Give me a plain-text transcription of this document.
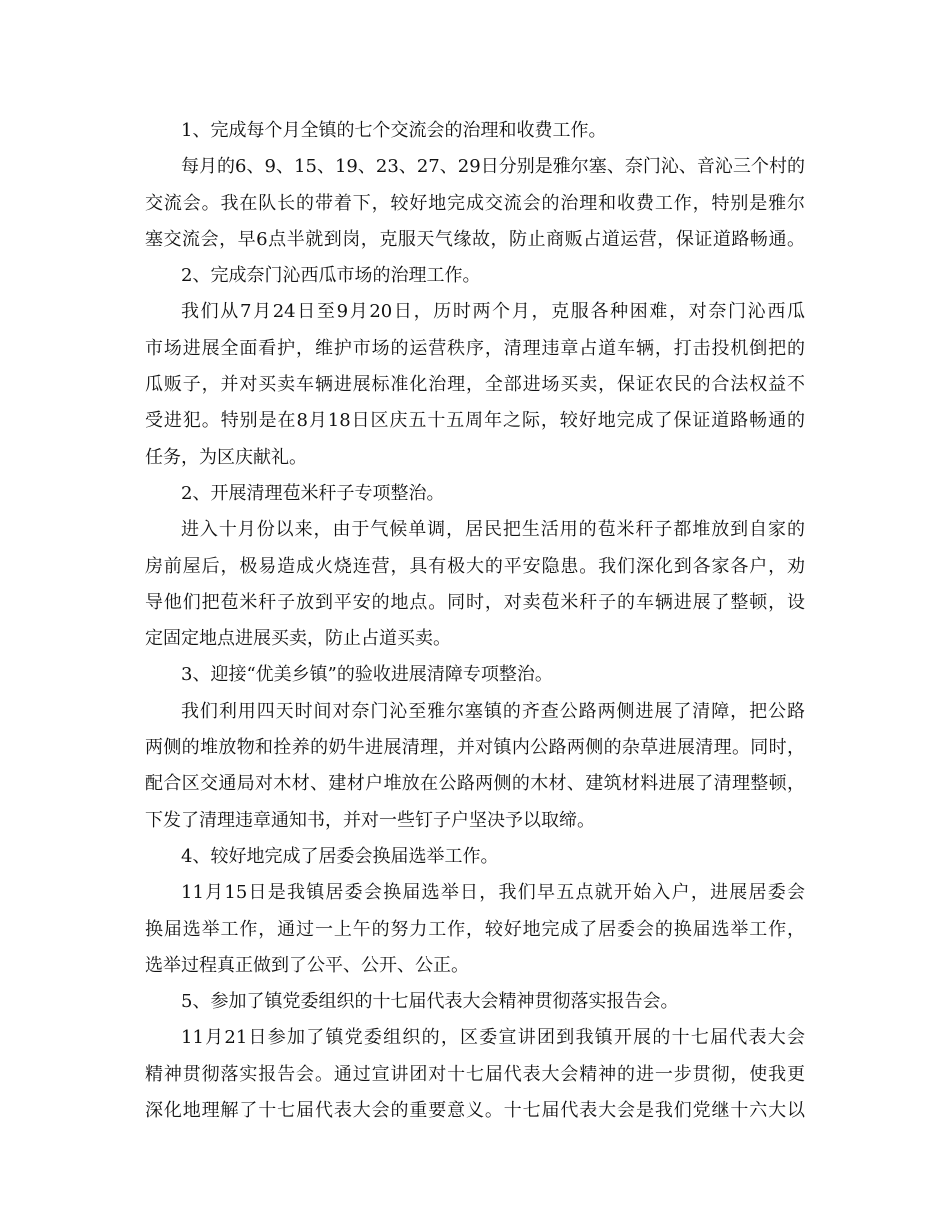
1、完成每个月全镇的七个交流会的治理和收费工作。
每月的6、9、15、19、23、27、29日分别是雅尔塞、奈门沁、音沁三个村的
交流会。我在队长的带着下，较好地完成交流会的治理和收费工作，特别是雅尔
塞交流会，早6点半就到岗，克服天气缘故，防止商贩占道运营，保证道路畅通。
2、完成奈门沁西瓜市场的治理工作。
我们从7月24日至9月20日，历时两个月，克服各种困难，对奈门沁西瓜
市场进展全面看护，维护市场的运营秩序，清理违章占道车辆，打击投机倒把的
瓜贩子，并对买卖车辆进展标准化治理，全部进场买卖，保证农民的合法权益不
受进犯。特别是在8月18日区庆五十五周年之际，较好地完成了保证道路畅通的
任务，为区庆献礼。
2、开展清理苞米秆子专项整治。
进入十月份以来，由于气候单调，居民把生活用的苞米秆子都堆放到自家的
房前屋后，极易造成火烧连营，具有极大的平安隐患。我们深化到各家各户，劝
导他们把苞米秆子放到平安的地点。同时，对卖苞米秆子的车辆进展了整顿，设
定固定地点进展买卖，防止占道买卖。
3、迎接“优美乡镇”的验收进展清障专项整治。
我们利用四天时间对奈门沁至雅尔塞镇的齐查公路两侧进展了清障，把公路
两侧的堆放物和拴养的奶牛进展清理，并对镇内公路两侧的杂草进展清理。同时，
配合区交通局对木材、建材户堆放在公路两侧的木材、建筑材料进展了清理整顿，
下发了清理违章通知书，并对一些钉子户坚决予以取缔。
4、较好地完成了居委会换届选举工作。
11月15日是我镇居委会换届选举日，我们早五点就开始入户，进展居委会
换届选举工作，通过一上午的努力工作，较好地完成了居委会的换届选举工作，
选举过程真正做到了公平、公开、公正。
5、参加了镇党委组织的十七届代表大会精神贯彻落实报告会。
11月21日参加了镇党委组织的，区委宣讲团到我镇开展的十七届代表大会
精神贯彻落实报告会。通过宣讲团对十七届代表大会精神的进一步贯彻，使我更
深化地理解了十七届代表大会的重要意义。十七届代表大会是我们党继十六大以
